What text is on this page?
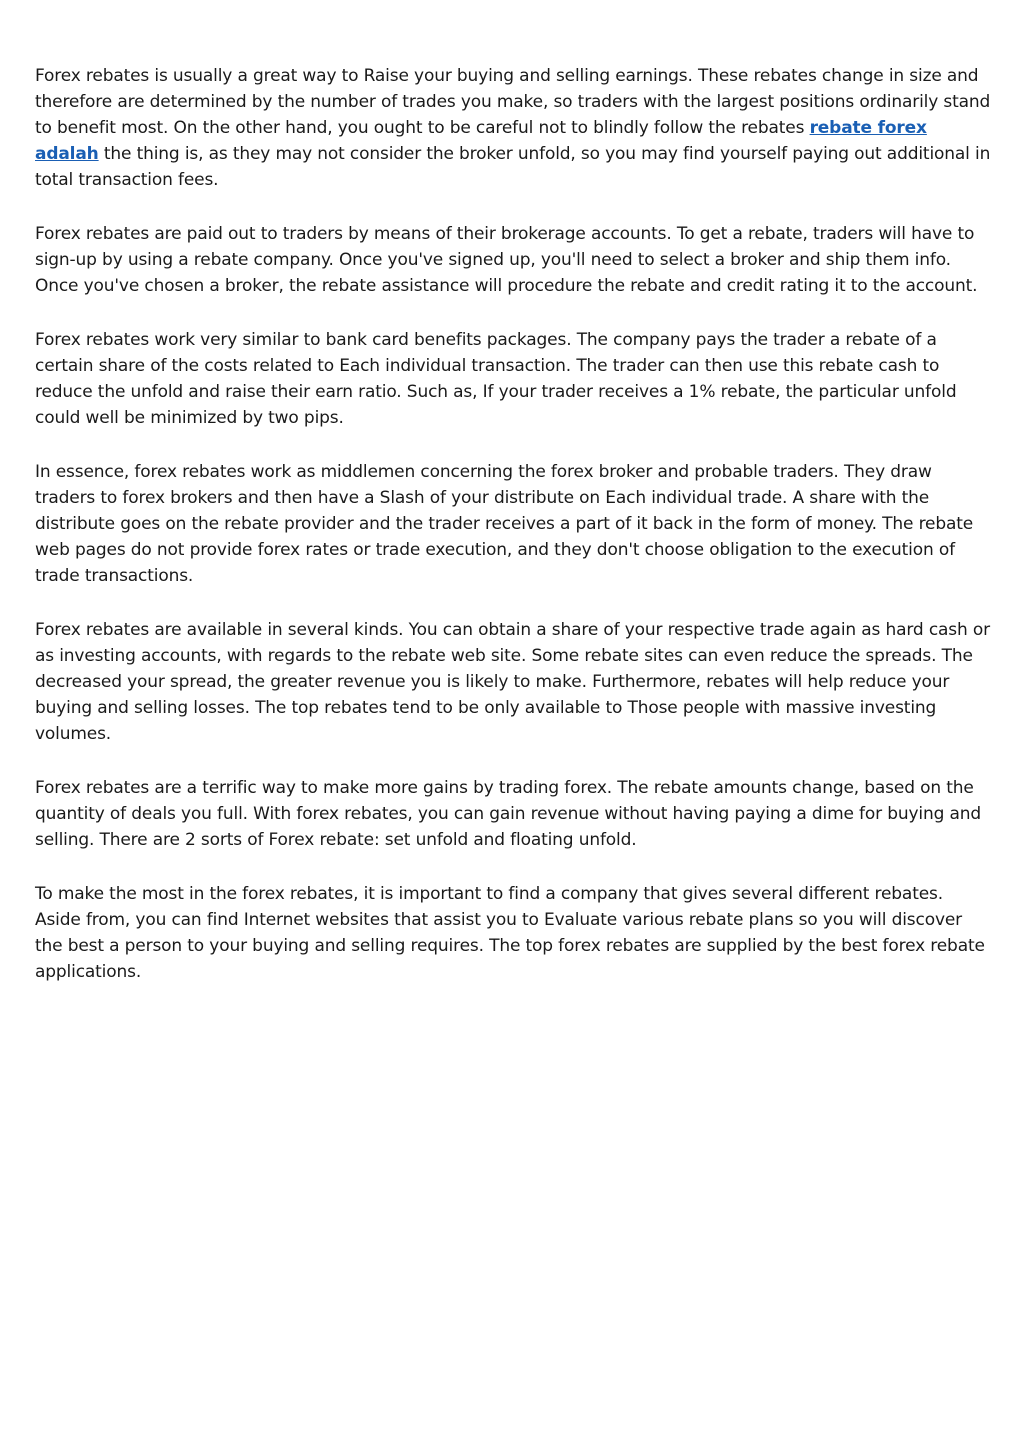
Forex rebates is usually a great way to Raise your buying and selling earnings. These rebates change in size and therefore are determined by the number of trades you make, so traders with the largest positions ordinarily stand to benefit most. On the other hand, you ought to be careful not to blindly follow the rebates rebate forex adalah the thing is, as they may not consider the broker unfold, so you may find yourself paying out additional in total transaction fees.

Forex rebates are paid out to traders by means of their brokerage accounts. To get a rebate, traders will have to sign-up by using a rebate company. Once you've signed up, you'll need to select a broker and ship them info. Once you've chosen a broker, the rebate assistance will procedure the rebate and credit rating it to the account.

Forex rebates work very similar to bank card benefits packages. The company pays the trader a rebate of a certain share of the costs related to Each individual transaction. The trader can then use this rebate cash to reduce the unfold and raise their earn ratio. Such as, If your trader receives a 1% rebate, the particular unfold could well be minimized by two pips.

In essence, forex rebates work as middlemen concerning the forex broker and probable traders. They draw traders to forex brokers and then have a Slash of your distribute on Each individual trade. A share with the distribute goes on the rebate provider and the trader receives a part of it back in the form of money. The rebate web pages do not provide forex rates or trade execution, and they don't choose obligation to the execution of trade transactions.

Forex rebates are available in several kinds. You can obtain a share of your respective trade again as hard cash or as investing accounts, with regards to the rebate web site. Some rebate sites can even reduce the spreads. The decreased your spread, the greater revenue you is likely to make. Furthermore, rebates will help reduce your buying and selling losses. The top rebates tend to be only available to Those people with massive investing volumes.

Forex rebates are a terrific way to make more gains by trading forex. The rebate amounts change, based on the quantity of deals you full. With forex rebates, you can gain revenue without having paying a dime for buying and selling. There are 2 sorts of Forex rebate: set unfold and floating unfold.

To make the most in the forex rebates, it is important to find a company that gives several different rebates. Aside from, you can find Internet websites that assist you to Evaluate various rebate plans so you will discover the best a person to your buying and selling requires. The top forex rebates are supplied by the best forex rebate applications.
